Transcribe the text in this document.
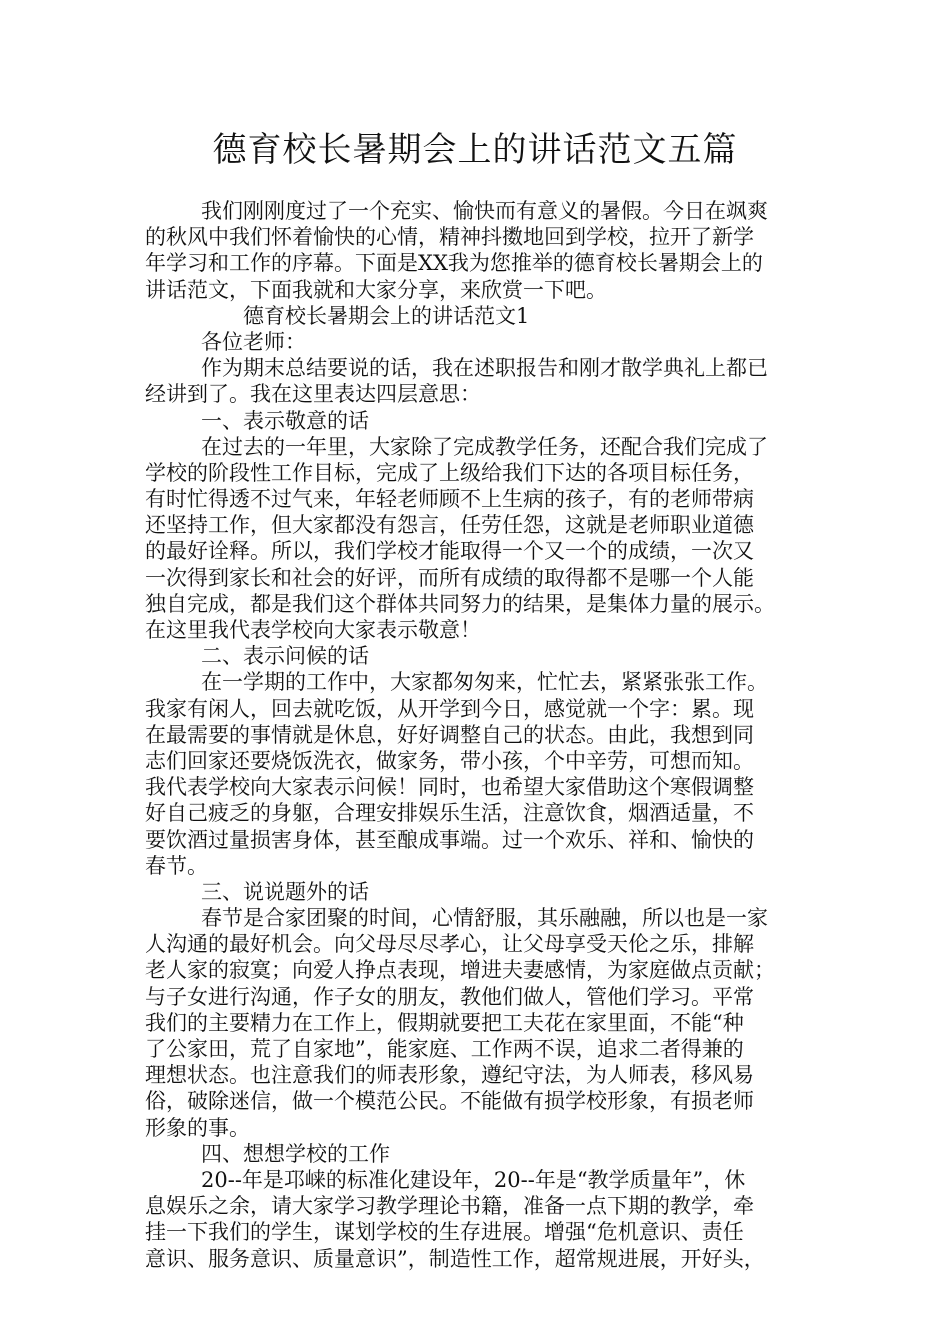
德育校长暑期会上的讲话范文五篇
我们刚刚度过了一个充实、愉快而有意义的暑假。今日在飒爽
的秋风中我们怀着愉快的心情，精神抖擞地回到学校，拉开了新学
年学习和工作的序幕。下面是XX我为您推举的德育校长暑期会上的
讲话范文，下面我就和大家分享，来欣赏一下吧。
德育校长暑期会上的讲话范文1
各位老师：
作为期末总结要说的话，我在述职报告和刚才散学典礼上都已
经讲到了。我在这里表达四层意思：
一、表示敬意的话
在过去的一年里，大家除了完成教学任务，还配合我们完成了
学校的阶段性工作目标，完成了上级给我们下达的各项目标任务，
有时忙得透不过气来，年轻老师顾不上生病的孩子，有的老师带病
还坚持工作，但大家都没有怨言，任劳任怨，这就是老师职业道德
的最好诠释。所以，我们学校才能取得一个又一个的成绩，一次又
一次得到家长和社会的好评，而所有成绩的取得都不是哪一个人能
独自完成，都是我们这个群体共同努力的结果，是集体力量的展示。
在这里我代表学校向大家表示敬意！
二、表示问候的话
在一学期的工作中，大家都匆匆来，忙忙去，紧紧张张工作。
我家有闲人，回去就吃饭，从开学到今日，感觉就一个字：累。现
在最需要的事情就是休息，好好调整自己的状态。由此，我想到同
志们回家还要烧饭洗衣，做家务，带小孩，个中辛劳，可想而知。
我代表学校向大家表示问候！同时，也希望大家借助这个寒假调整
好自己疲乏的身躯，合理安排娱乐生活，注意饮食，烟酒适量，不
要饮酒过量损害身体，甚至酿成事端。过一个欢乐、祥和、愉快的
春节。
三、说说题外的话
春节是合家团聚的时间，心情舒服，其乐融融，所以也是一家
人沟通的最好机会。向父母尽尽孝心，让父母享受天伦之乐，排解
老人家的寂寞；向爱人挣点表现，增进夫妻感情，为家庭做点贡献；
与子女进行沟通，作子女的朋友，教他们做人，管他们学习。平常
我们的主要精力在工作上，假期就要把工夫花在家里面，不能“种
了公家田，荒了自家地”，能家庭、工作两不误，追求二者得兼的
理想状态。也注意我们的师表形象，遵纪守法，为人师表，移风易
俗，破除迷信，做一个模范公民。不能做有损学校形象，有损老师
形象的事。
四、想想学校的工作
20--年是邛崃的标准化建设年，20--年是“教学质量年”，休
息娱乐之余，请大家学习教学理论书籍，准备一点下期的教学，牵
挂一下我们的学生，谋划学校的生存进展。增强“危机意识、责任
意识、服务意识、质量意识”，制造性工作，超常规进展，开好头，
